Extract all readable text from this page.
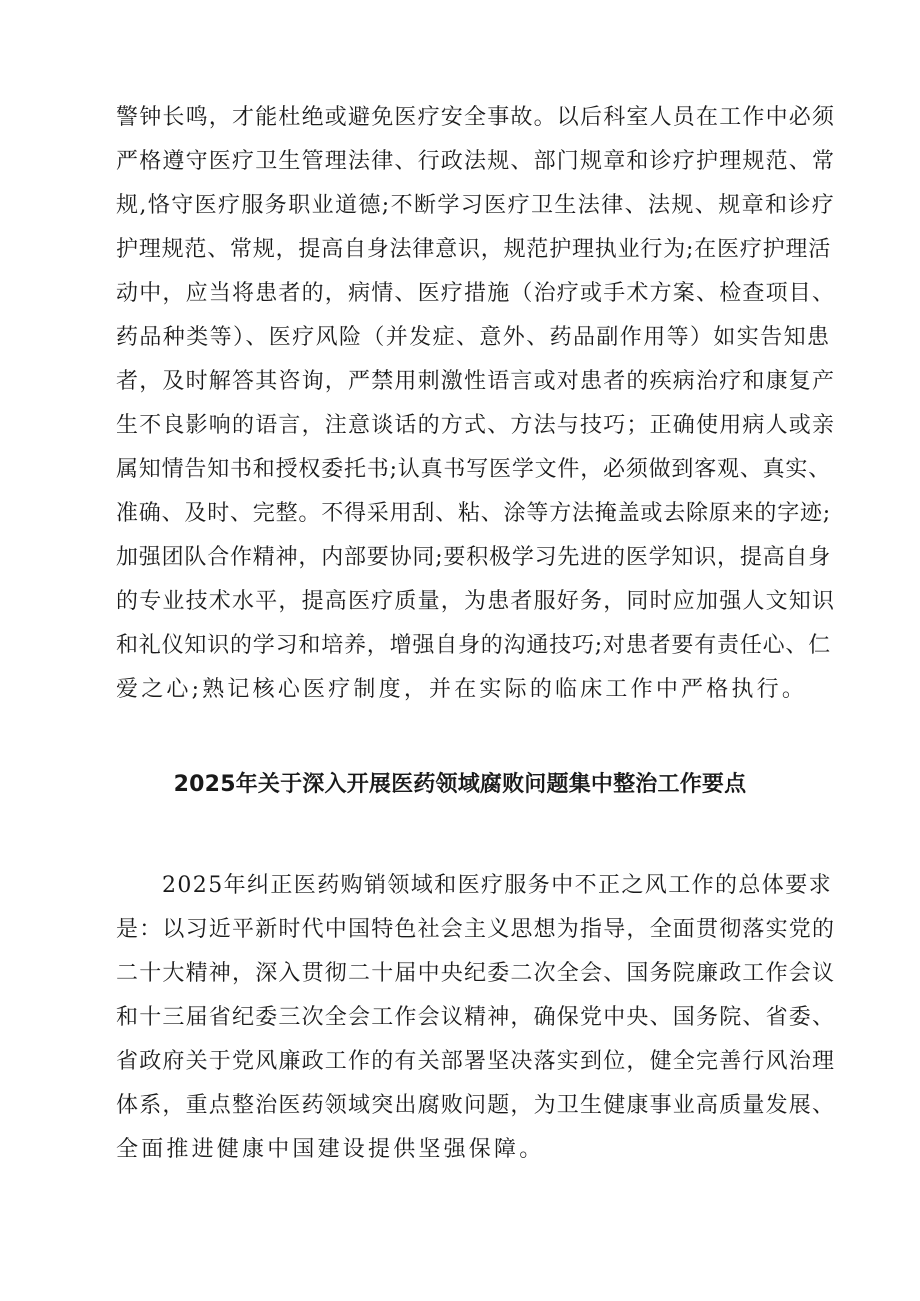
警钟长鸣，才能杜绝或避免医疗安全事故。以后科室人员在工作中必须
严格遵守医疗卫生管理法律、行政法规、部门规章和诊疗护理规范、常
规,恪守医疗服务职业道德;不断学习医疗卫生法律、法规、规章和诊疗
护理规范、常规，提高自身法律意识，规范护理执业行为;在医疗护理活
动中，应当将患者的，病情、医疗措施（治疗或手术方案、检查项目、
药品种类等）、医疗风险（并发症、意外、药品副作用等）如实告知患
者，及时解答其咨询，严禁用刺激性语言或对患者的疾病治疗和康复产
生不良影响的语言，注意谈话的方式、方法与技巧；正确使用病人或亲
属知情告知书和授权委托书;认真书写医学文件，必须做到客观、真实、
准确、及时、完整。不得采用刮、粘、涂等方法掩盖或去除原来的字迹;
加强团队合作精神，内部要协同;要积极学习先进的医学知识，提高自身
的专业技术水平，提高医疗质量，为患者服好务，同时应加强人文知识
和礼仪知识的学习和培养，增强自身的沟通技巧;对患者要有责任心、仁
爱之心;熟记核心医疗制度，并在实际的临床工作中严格执行。
2025年关于深入开展医药领域腐败问题集中整治工作要点
2025年纠正医药购销领域和医疗服务中不正之风工作的总体要求
是：以习近平新时代中国特色社会主义思想为指导，全面贯彻落实党的
二十大精神，深入贯彻二十届中央纪委二次全会、国务院廉政工作会议
和十三届省纪委三次全会工作会议精神，确保党中央、国务院、省委、
省政府关于党风廉政工作的有关部署坚决落实到位，健全完善行风治理
体系，重点整治医药领域突出腐败问题，为卫生健康事业高质量发展、
全面推进健康中国建设提供坚强保障。
